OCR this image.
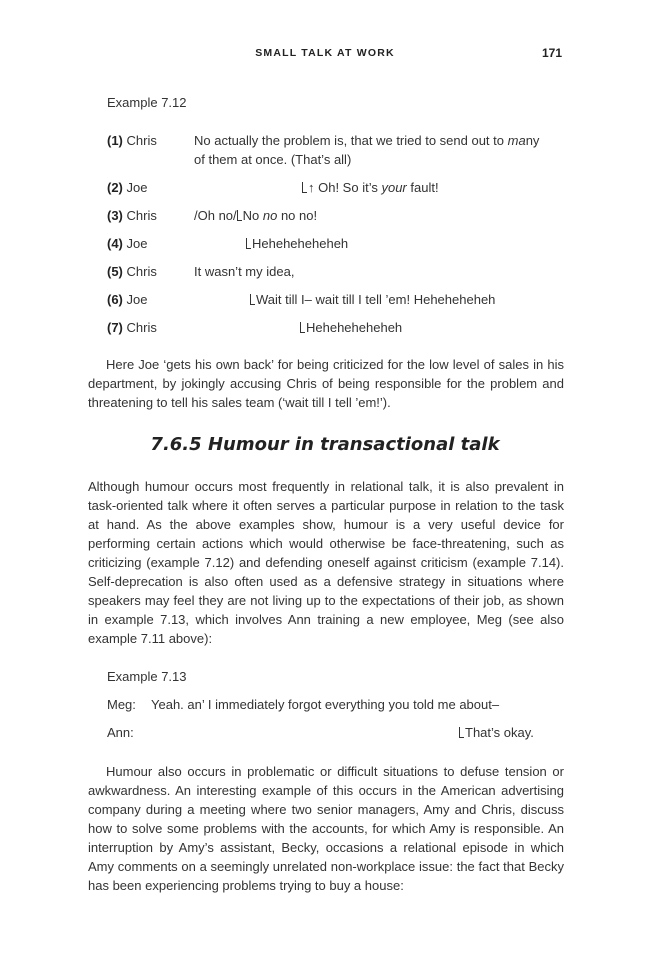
SMALL TALK AT WORK	171
Example 7.12
(1) Chris	No actually the problem is, that we tried to send out to many
of them at once. (That’s all)
(2) Joe	↑ Oh! So it’s your fault!
(3) Chris	/Oh no/ No no no no!
(4) Joe	Heheheheheheh
(5) Chris	It wasn’t my idea,
(6) Joe	Wait till I– wait till I tell ’em! Heheheheheh
(7) Chris	Heheheheheheh

Here Joe ‘gets his own back’ for being criticized for the low level of sales in his department, by jokingly accusing Chris of being responsible for the problem and threatening to tell his sales team (‘wait till I tell ’em!’).

7.6.5 Humour in transactional talk

Although humour occurs most frequently in relational talk, it is also prevalent in task-oriented talk where it often serves a particular purpose in relation to the task at hand. As the above examples show, humour is a very useful device for performing certain actions which would otherwise be face-threatening, such as criticizing (example 7.12) and defending oneself against criticism (example 7.14). Self-deprecation is also often used as a defensive strategy in situations where speakers may feel they are not living up to the expectations of their job, as shown in example 7.13, which involves Ann training a new employee, Meg (see also example 7.11 above):

Example 7.13
Meg: Yeah. an’ I immediately forgot everything you told me about–
Ann:	That’s okay.

Humour also occurs in problematic or difficult situations to defuse tension or awkwardness. An interesting example of this occurs in the American advertising company during a meeting where two senior managers, Amy and Chris, discuss how to solve some problems with the accounts, for which Amy is responsible. An interruption by Amy’s assistant, Becky, occasions a relational episode in which Amy comments on a seemingly unrelated non-workplace issue: the fact that Becky has been experiencing problems trying to buy a house:
